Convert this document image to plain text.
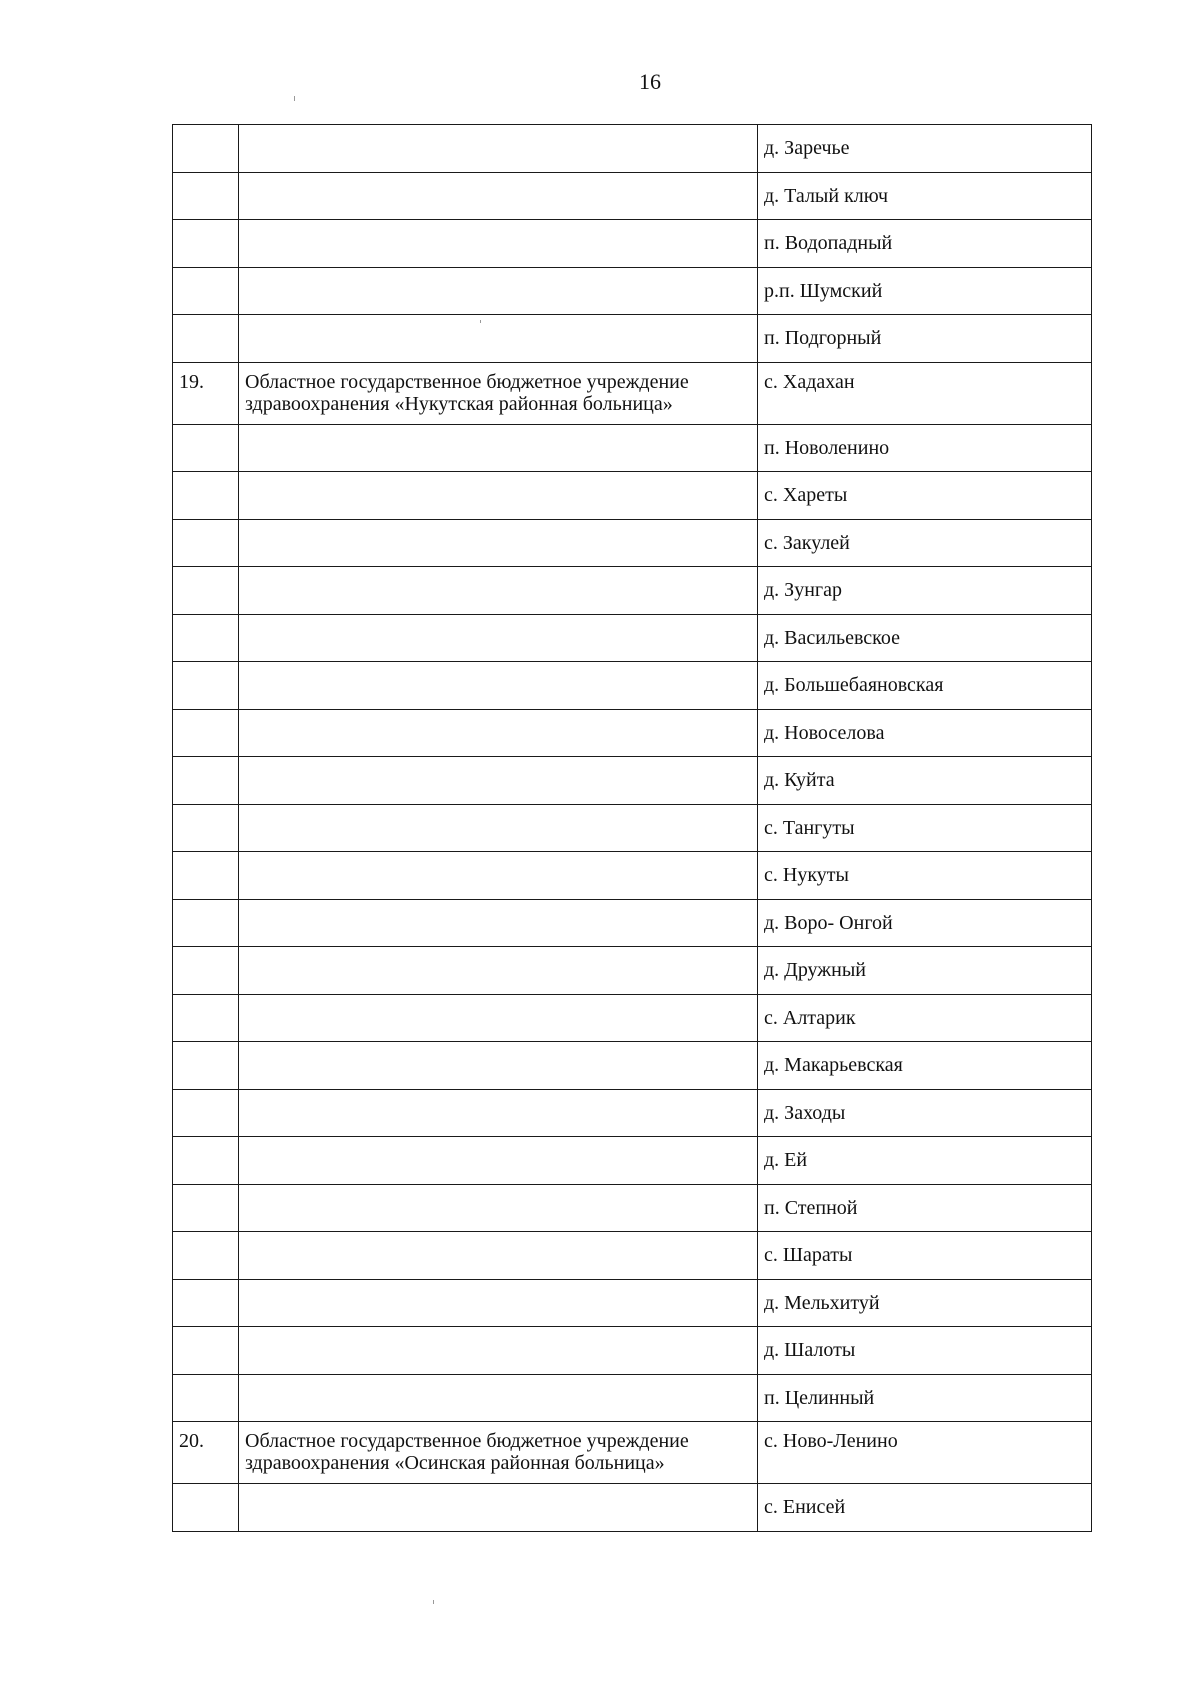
16
		д. Заречье
		д. Талый ключ
		п. Водопадный
		р.п. Шумский
		п. Подгорный
19.	Областное государственное бюджетное учреждение здравоохранения «Нукутская районная больница»	с. Хадахан
		п. Новоленино
		с. Хареты
		с. Закулей
		д. Зунгар
		д. Васильевское
		д. Большебаяновская
		д. Новоселова
		д. Куйта
		с. Тангуты
		с. Нукуты
		д. Воро- Онгой
		д. Дружный
		с. Алтарик
		д. Макарьевская
		д. Заходы
		д. Ей
		п. Степной
		с. Шараты
		д. Мельхитуй
		д. Шалоты
		п. Целинный
20.	Областное государственное бюджетное учреждение здравоохранения «Осинская районная больница»	с. Ново-Ленино
		с. Енисей
